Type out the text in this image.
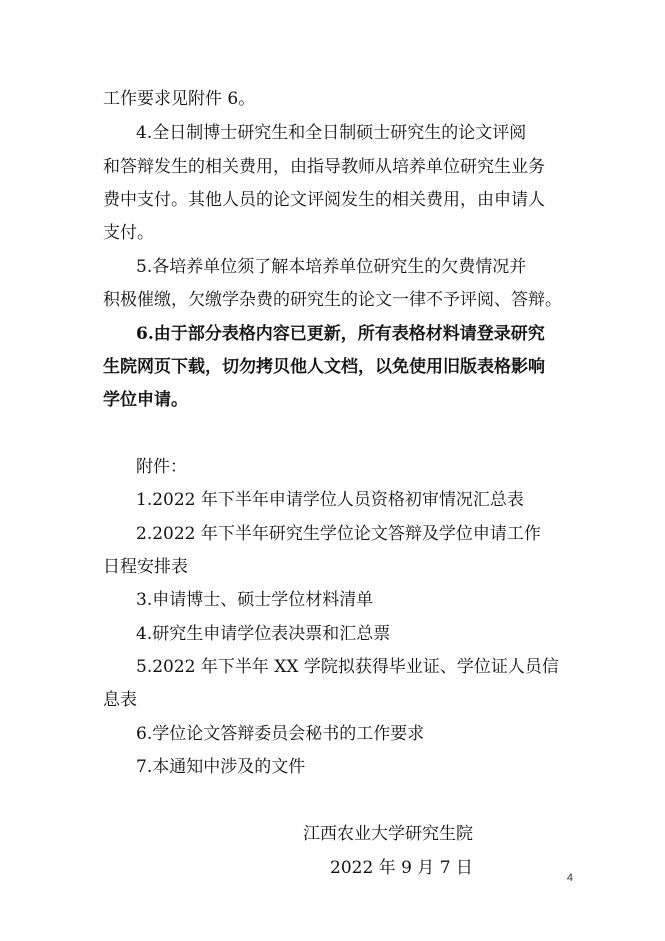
工作要求见附件 6。
4.全日制博士研究生和全日制硕士研究生的论文评阅
和答辩发生的相关费用，由指导教师从培养单位研究生业务
费中支付。其他人员的论文评阅发生的相关费用，由申请人
支付。
5.各培养单位须了解本培养单位研究生的欠费情况并
积极催缴，欠缴学杂费的研究生的论文一律不予评阅、答辩。
6.由于部分表格内容已更新，所有表格材料请登录研究
生院网页下载，切勿拷贝他人文档，以免使用旧版表格影响
学位申请。
附件：
1.2022 年下半年申请学位人员资格初审情况汇总表
2.2022 年下半年研究生学位论文答辩及学位申请工作
日程安排表
3.申请博士、硕士学位材料清单
4.研究生申请学位表决票和汇总票
5.2022 年下半年 XX 学院拟获得毕业证、学位证人员信
息表
6.学位论文答辩委员会秘书的工作要求
7.本通知中涉及的文件
江西农业大学研究生院
2022 年 9 月 7 日	4
